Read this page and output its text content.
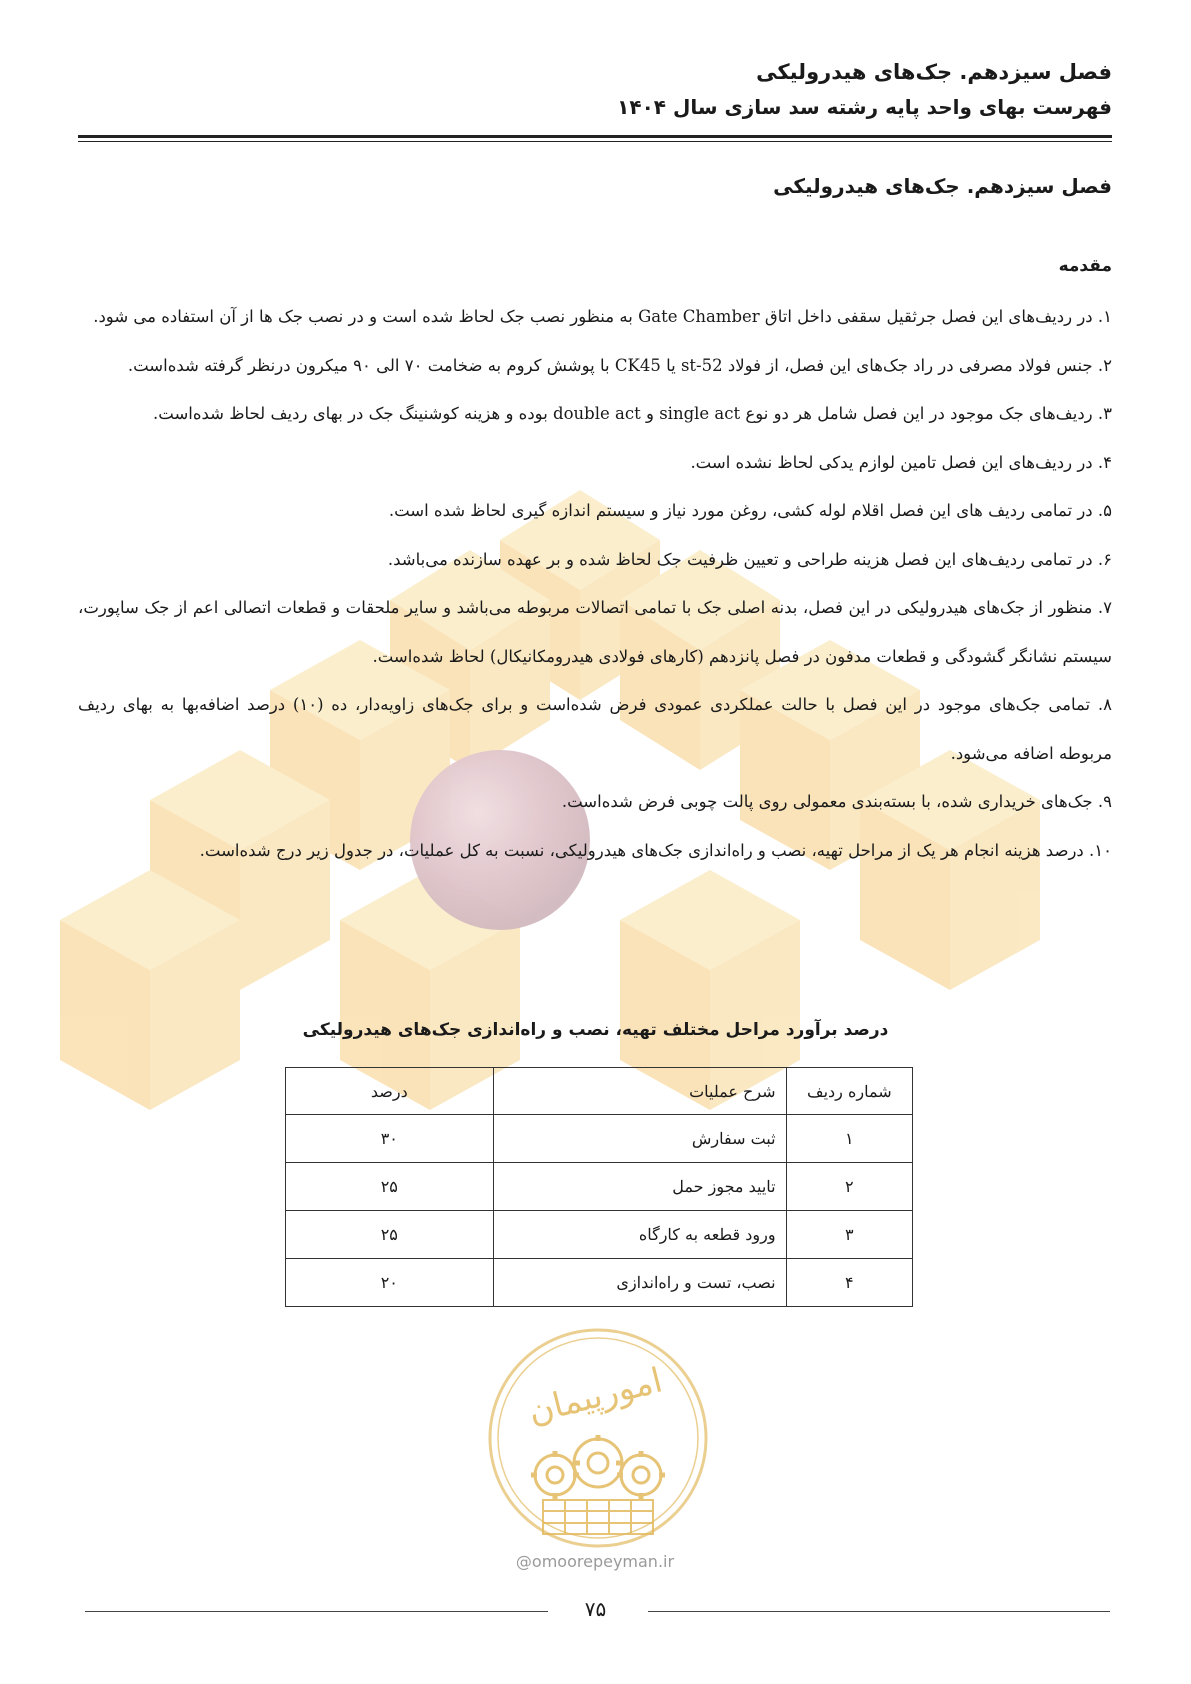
فصل سیزدهم. جک‌های هیدرولیکی
فهرست بهای واحد پایه رشته سد سازی سال ۱۴۰۴
فصل سیزدهم. جک‌های هیدرولیکی
مقدمه

۱. در ردیف‌های این فصل جرثقیل سقفی داخل اتاق Gate Chamber به منظور نصب جک لحاظ شده است و در نصب جک ها از آن استفاده می شود.

۲. جنس فولاد مصرفی در راد جک‌های این فصل، از فولاد st-52 یا CK45 با پوشش کروم به ضخامت ۷۰ الی ۹۰ میکرون درنظر گرفته شده‌است.

۳. ردیف‌های جک موجود در این فصل شامل هر دو نوع single act و double act بوده و هزینه کوشنینگ جک در بهای ردیف لحاظ شده‌است.

۴. در ردیف‌های این فصل تامین لوازم یدکی لحاظ نشده است.

۵. در تمامی ردیف های این فصل اقلام لوله کشی، روغن مورد نیاز و سیستم اندازه گیری لحاظ شده است.

۶. در تمامی ردیف‌های این فصل هزینه طراحی و تعیین ظرفیت جک لحاظ شده و بر عهده سازنده می‌باشد.

۷. منظور از جک‌های هیدرولیکی در این فصل، بدنه اصلی جک با تمامی اتصالات مربوطه می‌باشد و سایر ملحقات و قطعات اتصالی اعم از جک ساپورت، سیستم نشانگر گشودگی و قطعات مدفون در فصل پانزدهم (کارهای فولادی هیدرومکانیکال) لحاظ شده‌است.

۸. تمامی جک‌های موجود در این فصل با حالت عملکردی عمودی فرض شده‌است و برای جک‌های زاویه‌دار، ده (۱۰) درصد اضافه‌بها به بهای ردیف مربوطه اضافه می‌شود.

۹. جک‌های خریداری شده، با بسته‌بندی معمولی روی پالت چوبی فرض شده‌است.

۱۰. درصد هزینه انجام هر یک از مراحل تهیه، نصب و راه‌اندازی جک‌های هیدرولیکی، نسبت به کل عملیات، در جدول زیر درج شده‌است.

درصد برآورد مراحل مختلف تهیه، نصب و راه‌اندازی جک‌های هیدرولیکی
شماره ردیف	شرح عملیات	درصد
۱	ثبت سفارش	۳۰
۲	تایید مجوز حمل	۲۵
۳	ورود قطعه به کارگاه	۲۵
۴	نصب، تست و راه‌اندازی	۲۰
امورپیمان
@omoorepeyman.ir
۷۵
